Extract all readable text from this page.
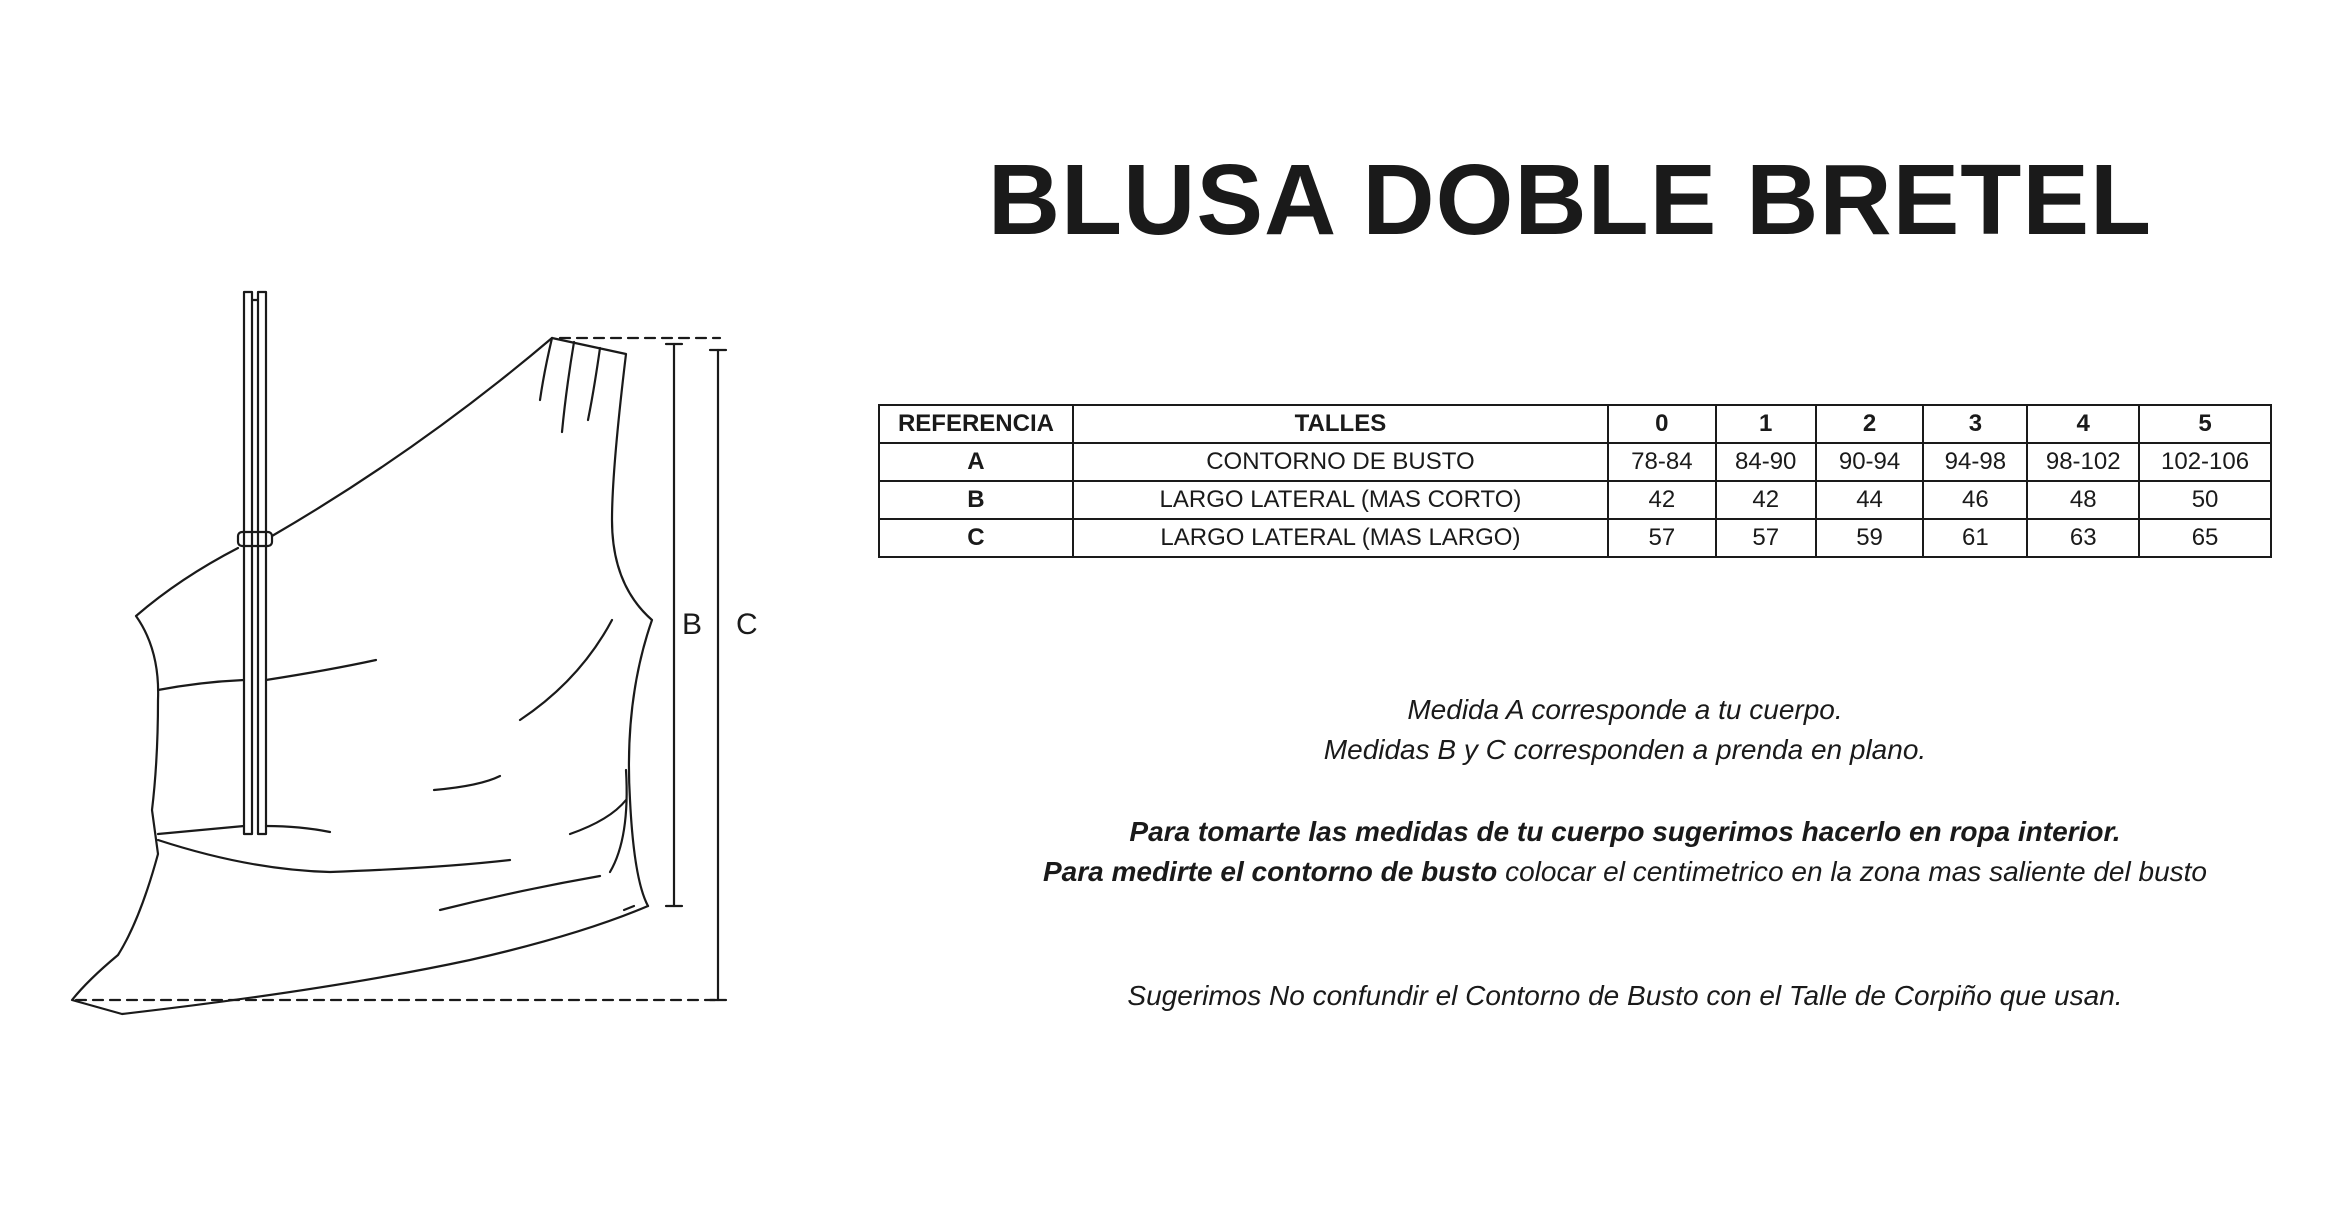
B C
BLUSA DOBLE BRETEL
REFERENCIA	TALLES	0	1	2	3	4	5
A	CONTORNO DE BUSTO	78-84	84-90	90-94	94-98	98-102	102-106
B	LARGO LATERAL (MAS CORTO)	42	42	44	46	48	50
C	LARGO LATERAL (MAS LARGO)	57	57	59	61	63	65
Medida A corresponde a tu cuerpo.
Medidas B y C corresponden a prenda en plano.
Para tomarte las medidas de tu cuerpo sugerimos hacerlo en ropa interior.
Para medirte el contorno de busto colocar el centimetrico en la zona mas saliente del busto
Sugerimos No confundir el Contorno de Busto con el Talle de Corpiño que usan.
